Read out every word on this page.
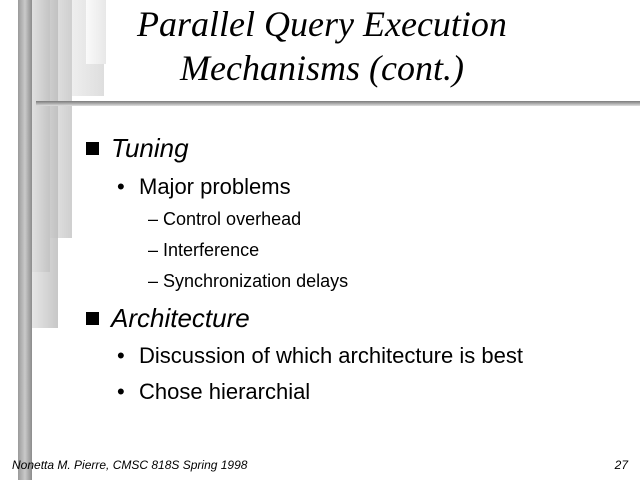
Parallel Query Execution
Mechanisms (cont.)
Tuning
• Major problems
– Control overhead
– Interference
– Synchronization delays
Architecture
• Discussion of which architecture is best
• Chose hierarchial
Nonetta M. Pierre, CMSC 818S Spring 1998	27
